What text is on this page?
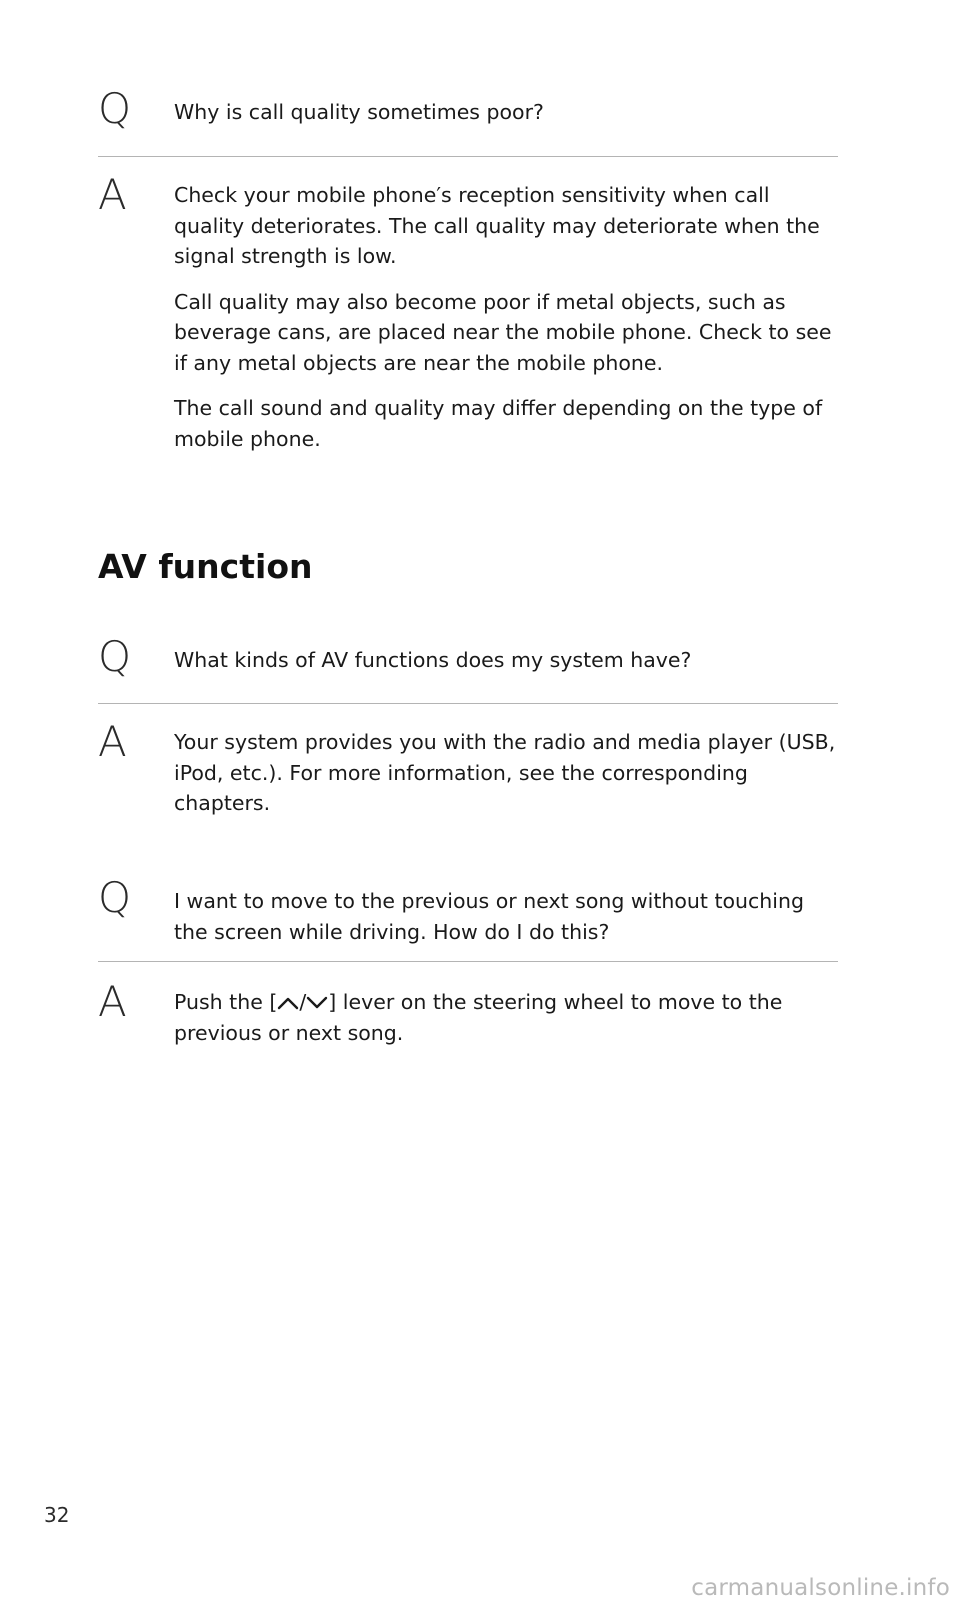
Q Why is call quality sometimes poor?
A Check your mobile phone′s reception sensitivity when call quality deteriorates. The call quality may deteriorate when the signal strength is low.

Call quality may also become poor if metal objects, such as beverage cans, are placed near the mobile phone. Check to see if any metal objects are near the mobile phone.

The call sound and quality may differ depending on the type of mobile phone.

AV function
Q What kinds of AV functions does my system have?
A Your system provides you with the radio and media player (USB, iPod, etc.). For more information, see the corresponding chapters.
Q I want to move to the previous or next song without touching the screen while driving. How do I do this?
A Push the [ / ] lever on the steering wheel to move to the previous or next song.
32
carmanualsonline.info
